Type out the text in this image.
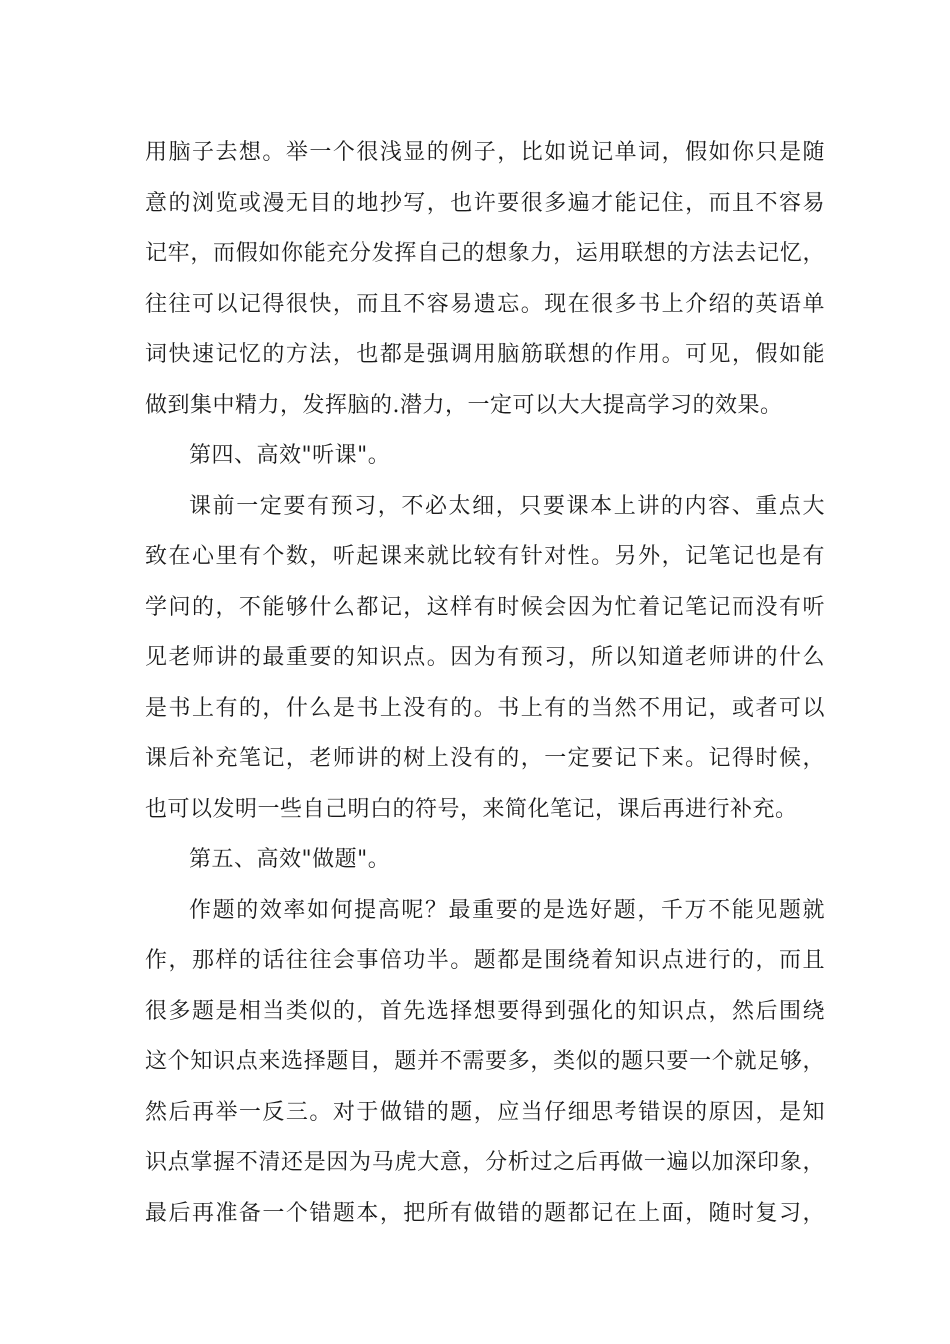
用脑子去想。举一个很浅显的例子，比如说记单词，假如你只是随
意的浏览或漫无目的地抄写，也许要很多遍才能记住，而且不容易
记牢，而假如你能充分发挥自己的想象力，运用联想的方法去记忆，
往往可以记得很快，而且不容易遗忘。现在很多书上介绍的英语单
词快速记忆的方法，也都是强调用脑筋联想的作用。可见，假如能
做到集中精力，发挥脑的.潜力，一定可以大大提高学习的效果。
第四、高效"听课"。
课前一定要有预习，不必太细，只要课本上讲的内容、重点大
致在心里有个数，听起课来就比较有针对性。另外，记笔记也是有
学问的，不能够什么都记，这样有时候会因为忙着记笔记而没有听
见老师讲的最重要的知识点。因为有预习，所以知道老师讲的什么
是书上有的，什么是书上没有的。书上有的当然不用记，或者可以
课后补充笔记，老师讲的树上没有的，一定要记下来。记得时候，
也可以发明一些自己明白的符号，来简化笔记，课后再进行补充。
第五、高效"做题"。
作题的效率如何提高呢？最重要的是选好题，千万不能见题就
作，那样的话往往会事倍功半。题都是围绕着知识点进行的，而且
很多题是相当类似的，首先选择想要得到强化的知识点，然后围绕
这个知识点来选择题目，题并不需要多，类似的题只要一个就足够，
然后再举一反三。对于做错的题，应当仔细思考错误的原因，是知
识点掌握不清还是因为马虎大意，分析过之后再做一遍以加深印象，
最后再准备一个错题本，把所有做错的题都记在上面，随时复习，
